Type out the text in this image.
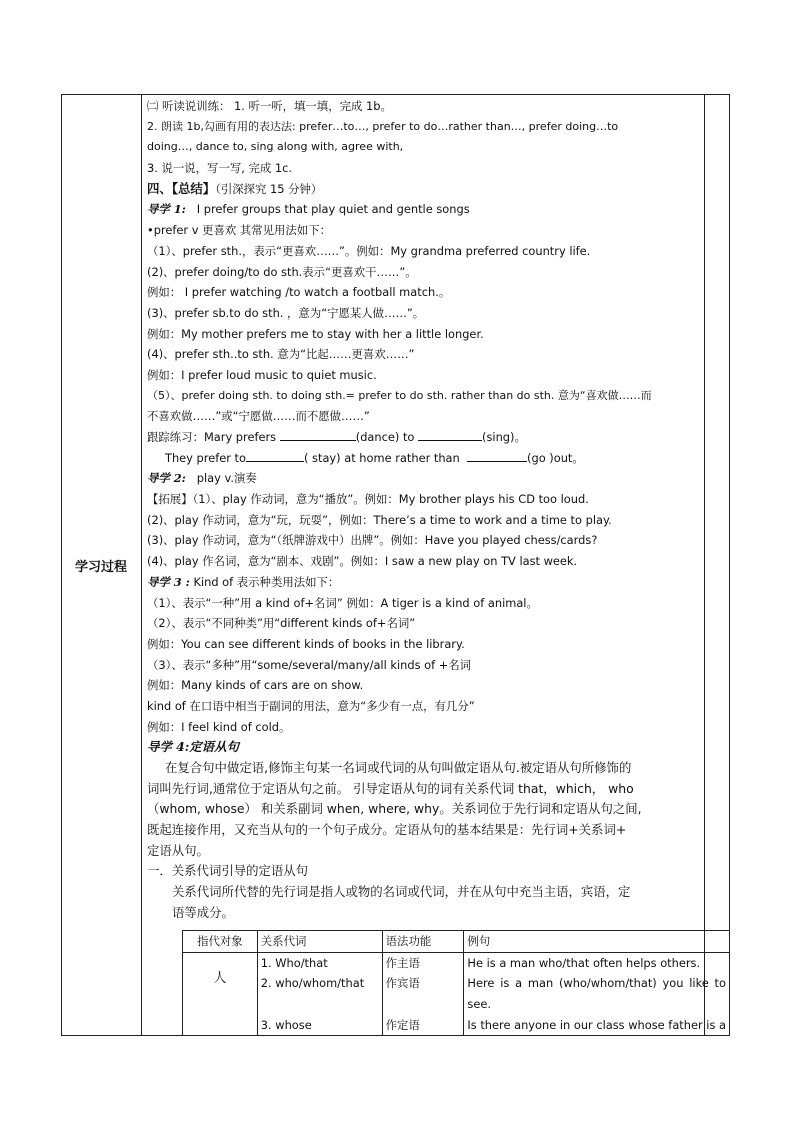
学习过程
㈡ 听读说训练： 1. 听一听，填一填，完成 1b。
2. 朗读 1b,勾画有用的表达法: prefer…to…, prefer to do…rather than…, prefer doing…to
doing…, dance to, sing along with, agree with,
3. 说一说，写一写, 完成 1c.
四、【总结】（引深探究 15 分钟）
导学 1: I prefer groups that play quiet and gentle songs
•prefer v 更喜欢 其常见用法如下：
（1）、prefer sth.，表示“更喜欢……”。例如：My grandma preferred country life.
(2)、prefer doing/to do sth.表示“更喜欢干……”。
例如： I prefer watching /to watch a football match.。
(3)、prefer sb.to do sth. ，意为“宁愿某人做……”。
例如：My mother prefers me to stay with her a little longer.
(4)、prefer sth..to sth. 意为“比起……更喜欢……”
例如：I prefer loud music to quiet music.
（5）、prefer doing sth. to doing sth.= prefer to do sth. rather than do sth. 意为“喜欢做……而
不喜欢做……”或“宁愿做……而不愿做……”
跟踪练习：Mary prefers	(dance) to	(sing)。
They prefer to	( stay) at home rather than	(go )out。
导学 2: play v.演奏
【拓展】（1）、play 作动词，意为“播放”。例如：My brother plays his CD too loud.
(2)、play 作动词，意为“玩，玩耍”，例如：There’s a time to work and a time to play.
(3)、play 作动词，意为“（纸牌游戏中）出牌”。例如：Have you played chess/cards?
(4)、play 作名词，意为“剧本、戏剧”。例如：I saw a new play on TV last week.
导学 3 : Kind of 表示种类用法如下：
（1）、表示“一种”用 a kind of+名词” 例如：A tiger is a kind of animal。
（2）、表示“不同种类”用“different kinds of+名词”
例如：You can see different kinds of books in the library.
（3）、表示“多种”用“some/several/many/all kinds of +名词
例如：Many kinds of cars are on show.
kind of 在口语中相当于副词的用法，意为“多少有一点，有几分”
例如：I feel kind of cold。
导学 4:定语从句
在复合句中做定语,修饰主句某一名词或代词的从句叫做定语从句.被定语从句所修饰的
词叫先行词,通常位于定语从句之前。 引导定语从句的词有关系代词 that，which， who
（whom, whose） 和关系副词 when, where, why。关系词位于先行词和定语从句之间,
既起连接作用，又充当从句的一个句子成分。定语从句的基本结果是：先行词+关系词+
定语从句。
一．关系代词引导的定语从句
关系代词所代替的先行词是指人或物的名词或代词，并在从句中充当主语，宾语，定
语等成分。
指代对象	关系代词	语法功能	例句
人	1. Who/that	作主语	He is a man who/that often helps others.
	2. who/whom/that	作宾语	Here is a man (who/whom/that) you like to see.
	3. whose	作定语	Is there anyone in our class whose father is a
